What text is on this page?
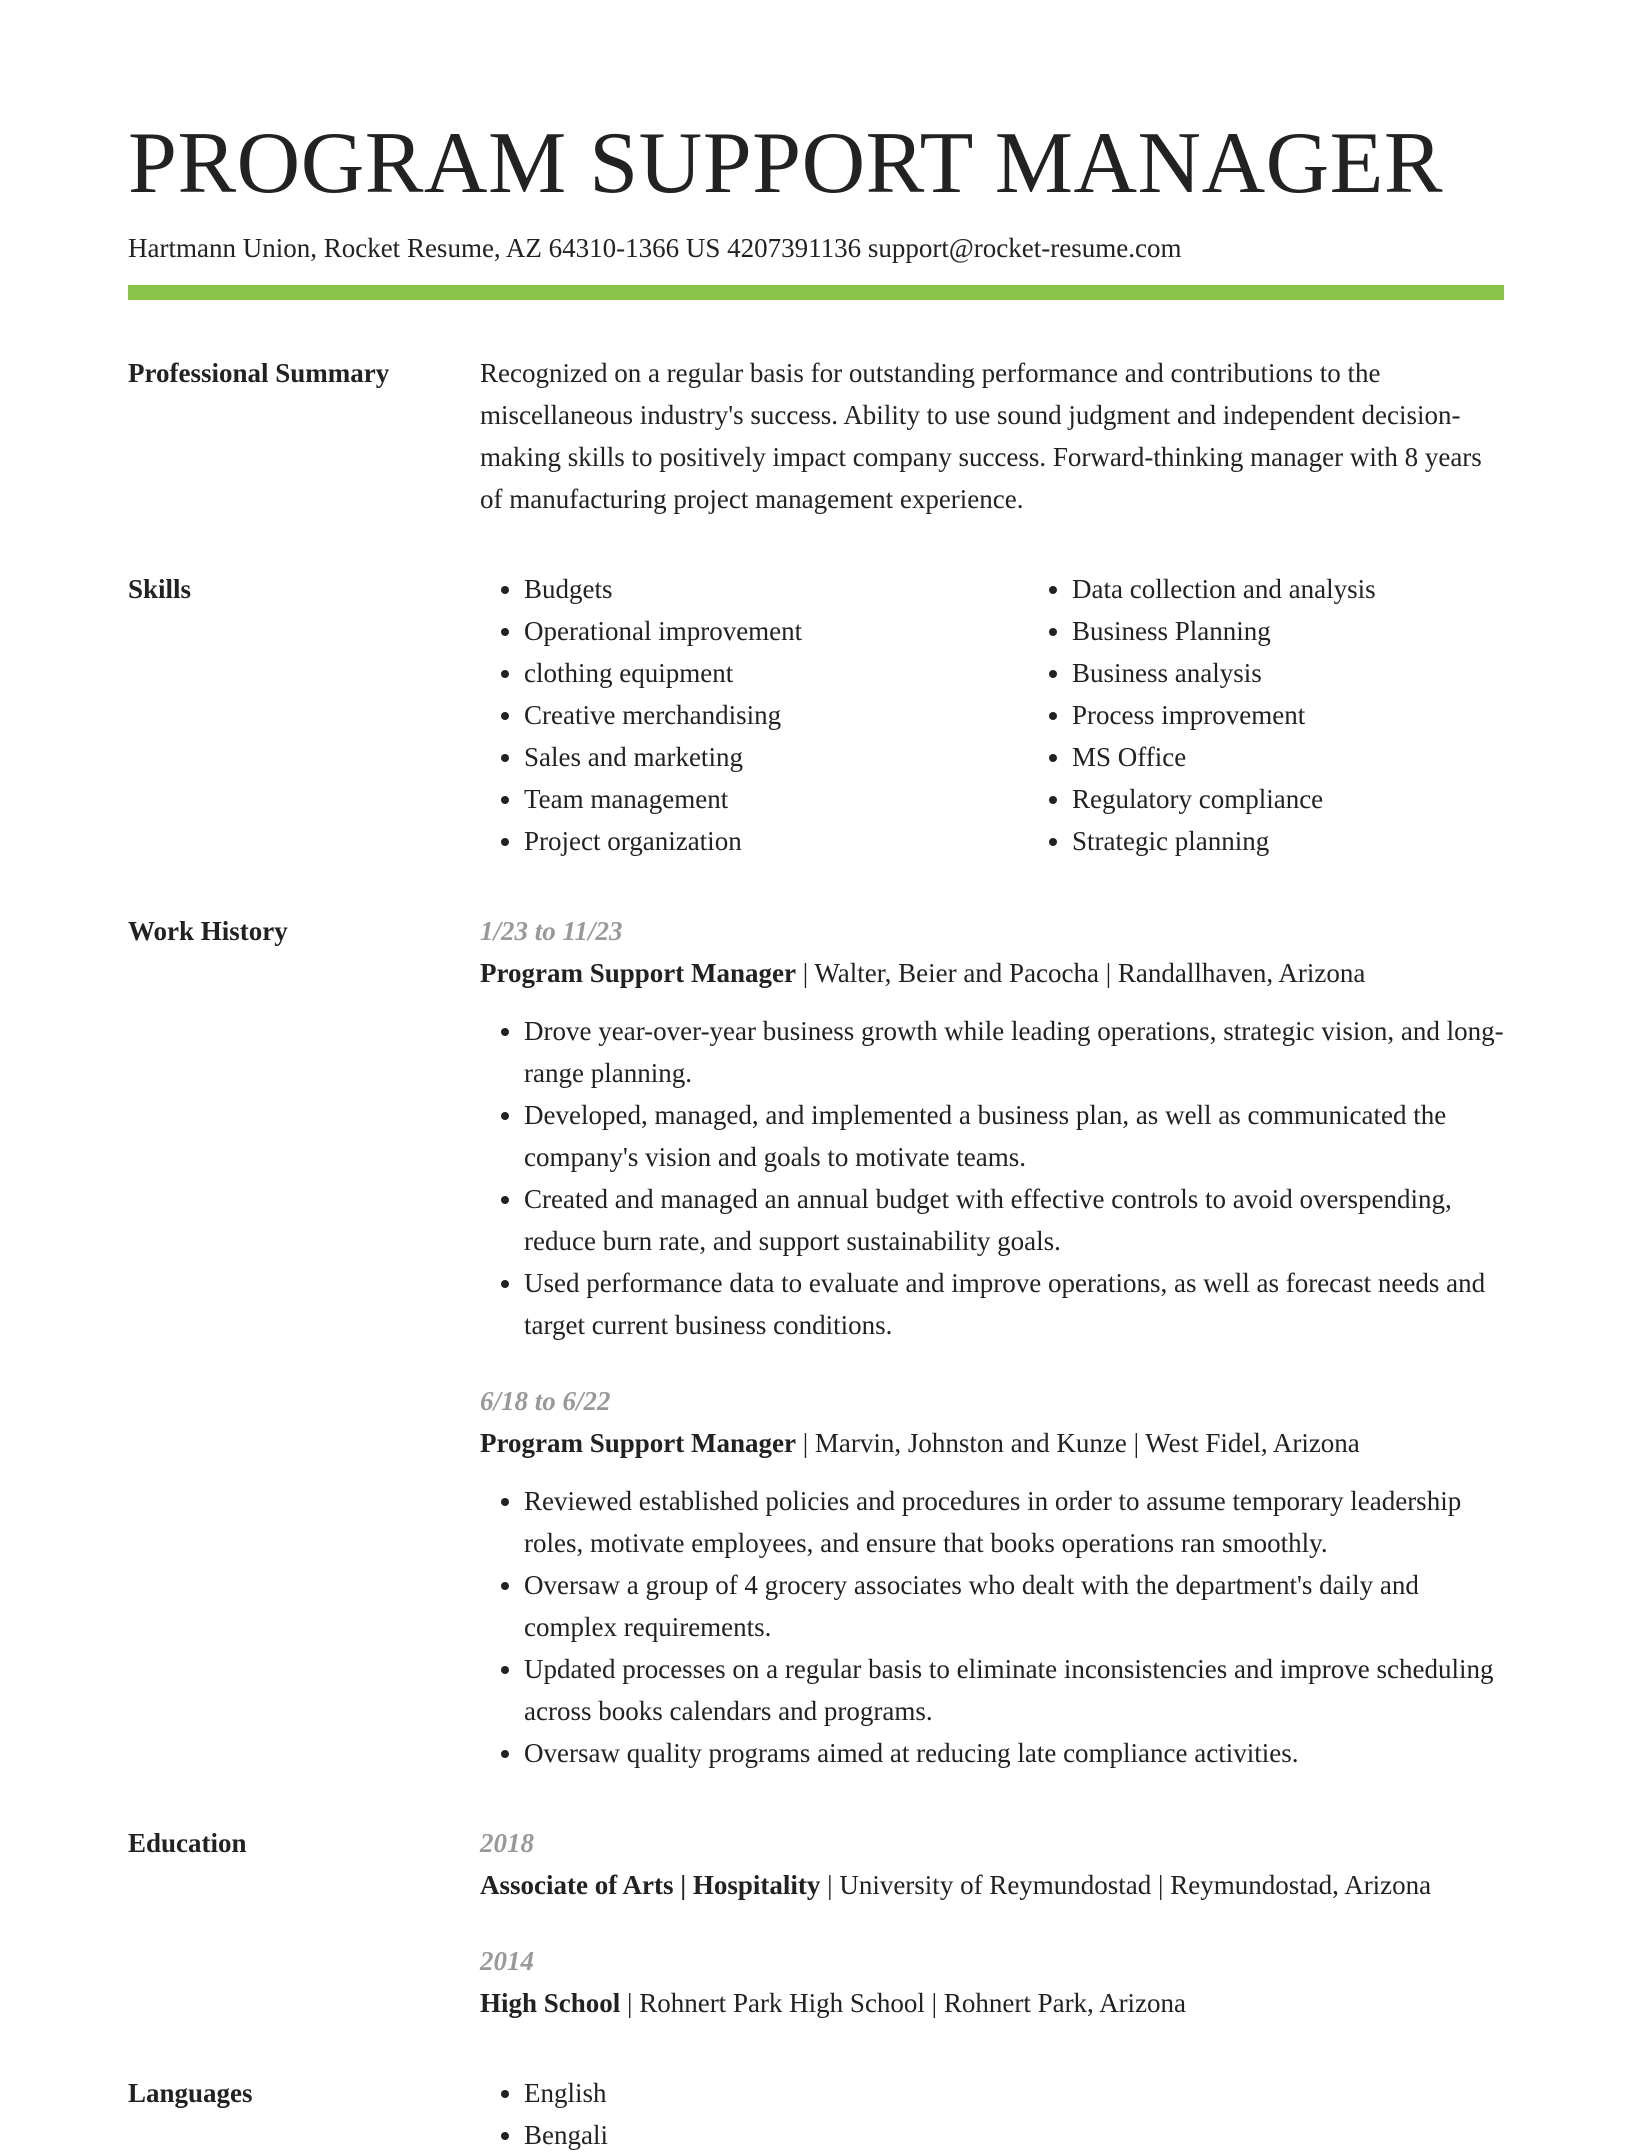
PROGRAM SUPPORT MANAGER
Hartmann Union, Rocket Resume, AZ 64310-1366 US 4207391136 support@rocket-resume.com
Professional Summary	Recognized on a regular basis for outstanding performance and contributions to the miscellaneous industry's success. Ability to use sound judgment and independent decision-making skills to positively impact company success. Forward-thinking manager with 8 years of manufacturing project management experience.
Skills	• Budgets
• Operational improvement
• clothing equipment
• Creative merchandising
• Sales and marketing
• Team management
• Project organization
• Data collection and analysis
• Business Planning
• Business analysis
• Process improvement
• MS Office
• Regulatory compliance
• Strategic planning
Work History	1/23 to 11/23
Program Support Manager | Walter, Beier and Pacocha | Randallhaven, Arizona
• Drove year-over-year business growth while leading operations, strategic vision, and long-range planning.
• Developed, managed, and implemented a business plan, as well as communicated the company's vision and goals to motivate teams.
• Created and managed an annual budget with effective controls to avoid overspending, reduce burn rate, and support sustainability goals.
• Used performance data to evaluate and improve operations, as well as forecast needs and target current business conditions.
6/18 to 6/22
Program Support Manager | Marvin, Johnston and Kunze | West Fidel, Arizona
• Reviewed established policies and procedures in order to assume temporary leadership roles, motivate employees, and ensure that books operations ran smoothly.
• Oversaw a group of 4 grocery associates who dealt with the department's daily and complex requirements.
• Updated processes on a regular basis to eliminate inconsistencies and improve scheduling across books calendars and programs.
• Oversaw quality programs aimed at reducing late compliance activities.
Education	2018
Associate of Arts | Hospitality | University of Reymundostad | Reymundostad, Arizona
2014
High School | Rohnert Park High School | Rohnert Park, Arizona
Languages	• English
• Bengali
